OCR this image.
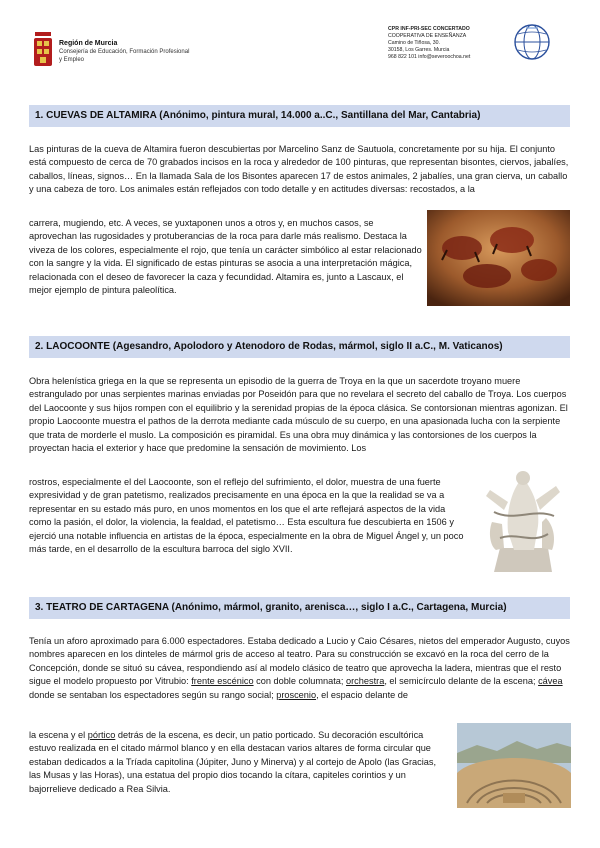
Región de Murcia
Consejería de Educación, Formación Profesional
y Empleo
CPR INF-PRI-SEC CONCERTADO
COOPERATIVA DE ENSEÑANZA
Camino de Tiñosa, 30.
30158, Los Garres. Murcia
968 822 101 info@severoochoa.net
1. CUEVAS DE ALTAMIRA (Anónimo, pintura mural, 14.000 a..C., Santillana del Mar, Cantabria)

Las pinturas de la cueva de Altamira fueron descubiertas por Marcelino Sanz de Sautuola, concretamente por su hija. El conjunto está compuesto de cerca de 70 grabados incisos en la roca y alrededor de 100 pinturas, que representan bisontes, ciervos, jabalíes, caballos, líneas, signos… En la llamada Sala de los Bisontes aparecen 17 de estos animales, 2 jabalíes, una gran cierva, un caballo y una cabeza de toro. Los animales están reflejados con todo detalle y en actitudes diversas: recostados, a la

carrera, mugiendo, etc. A veces, se yuxtaponen unos a otros y, en muchos casos, se aprovechan las rugosidades y protuberancias de la roca para darle más realismo. Destaca la viveza de los colores, especialmente el rojo, que tenía un carácter simbólico al estar relacionado con la sangre y la vida. El significado de estas pinturas se asocia a una interpretación mágica, relacionada con el deseo de favorecer la caza y fecundidad. Altamira es, junto a Lascaux, el mejor ejemplo de pintura paleolítica.

2. LAOCOONTE (Agesandro, Apolodoro y Atenodoro de Rodas, mármol, siglo II a.C., M. Vaticanos)

Obra helenística griega en la que se representa un episodio de la guerra de Troya en la que un sacerdote troyano muere estrangulado por unas serpientes marinas enviadas por Poseidón para que no revelara el secreto del caballo de Troya. Los cuerpos del Laocoonte y sus hijos rompen con el equilibrio y la serenidad propias de la época clásica. Se contorsionan mientras agonizan. El propio Laocoonte muestra el pathos de la derrota mediante cada músculo de su cuerpo, en una apasionada lucha con la serpiente que trata de morderle el muslo. La composición es piramidal. Es una obra muy dinámica y las contorsiones de los cuerpos la proyectan hacia el exterior y hace que predomine la sensación de movimiento. Los

rostros, especialmente el del Laocoonte, son el reflejo del sufrimiento, el dolor, muestra de una fuerte expresividad y de gran patetismo, realizados precisamente en una época en la que la realidad se va a representar en su estado más puro, en unos momentos en los que el arte reflejará aspectos de la vida como la pasión, el dolor, la violencia, la fealdad, el patetismo… Esta escultura fue descubierta en 1506 y ejerció una notable influencia en artistas de la época, especialmente en la obra de Miguel Ángel y, un poco más tarde, en el desarrollo de la escultura barroca del siglo XVII.

3. TEATRO DE CARTAGENA (Anónimo, mármol, granito, arenisca…, siglo I a.C., Cartagena, Murcia)

Tenía un aforo aproximado para 6.000 espectadores. Estaba dedicado a Lucio y Caio Césares, nietos del emperador Augusto, cuyos nombres aparecen en los dinteles de mármol gris de acceso al teatro. Para su construcción se excavó en la roca del cerro de la Concepción, donde se situó su cávea, respondiendo así al modelo clásico de teatro que aprovecha la ladera, mientras que el resto sigue el modelo propuesto por Vitrubio: frente escénico con doble columnata; orchestra, el semicírculo delante de la escena; cávea donde se sentaban los espectadores según su rango social; proscenio, el espacio delante de

la escena y el pórtico detrás de la escena, es decir, un patio porticado. Su decoración escultórica estuvo realizada en el citado mármol blanco y en ella destacan varios altares de forma circular que estaban dedicados a la Tríada capitolina (Júpiter, Juno y Minerva) y al cortejo de Apolo (las Gracias, las Musas y las Horas), una estatua del propio dios tocando la cítara, capiteles corintios y un bajorrelieve dedicado a Rea Silvia.
